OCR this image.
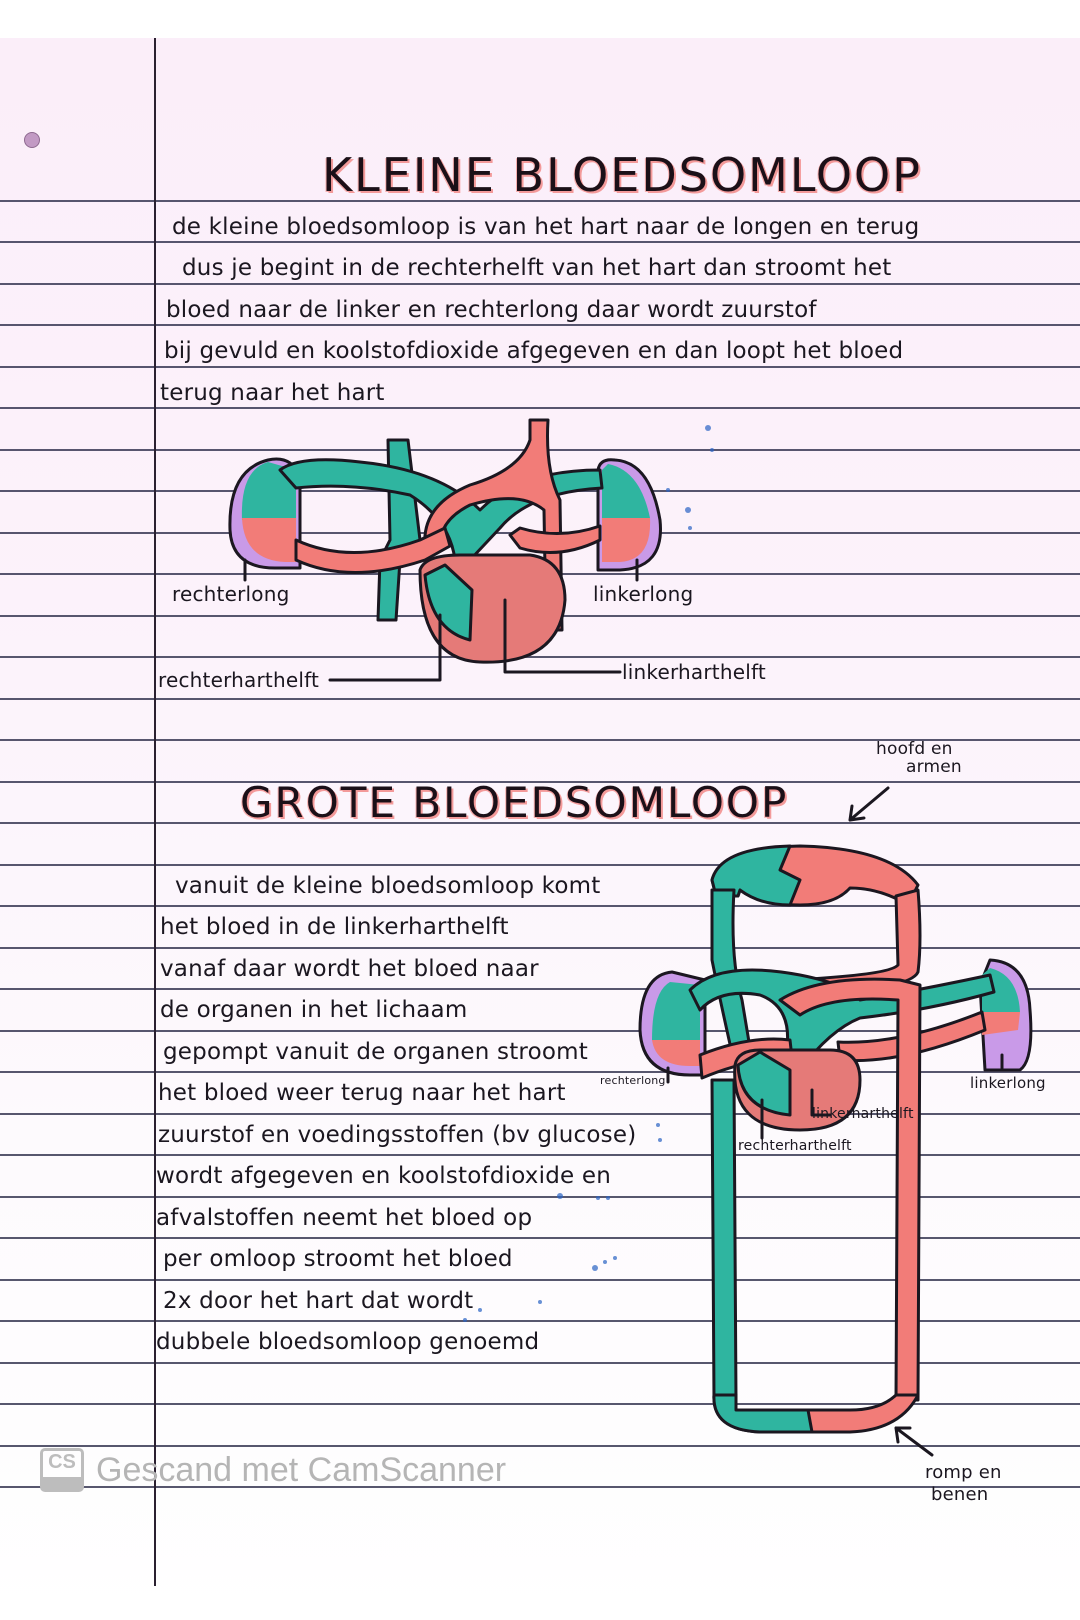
KLEINE BLOEDSOMLOOP
de kleine bloedsomloop is van het hart naar de longen en terug
dus je begint in de rechterhelft van het hart dan stroomt het
bloed naar de linker en rechterlong daar wordt zuurstof
bij gevuld en koolstofdioxide afgegeven en dan loopt het bloed
terug naar het hart
rechterlong	linkerlong
rechterharthelft	linkerharthelft
GROTE BLOEDSOMLOOP
vanuit de kleine bloedsomloop komt
het bloed in de linkerharthelft
vanaf daar wordt het bloed naar
de organen in het lichaam
gepompt vanuit de organen stroomt
het bloed weer terug naar het hart
zuurstof en voedingsstoffen (bv glucose)
wordt afgegeven en koolstofdioxide en
afvalstoffen neemt het bloed op
per omloop stroomt het bloed
2x door het hart dat wordt
dubbele bloedsomloop genoemd
hoofd en
armen
rechterlong	linkerlong
linkerharthelft
rechterharthelft
romp en
benen
CS Gescand met CamScanner
